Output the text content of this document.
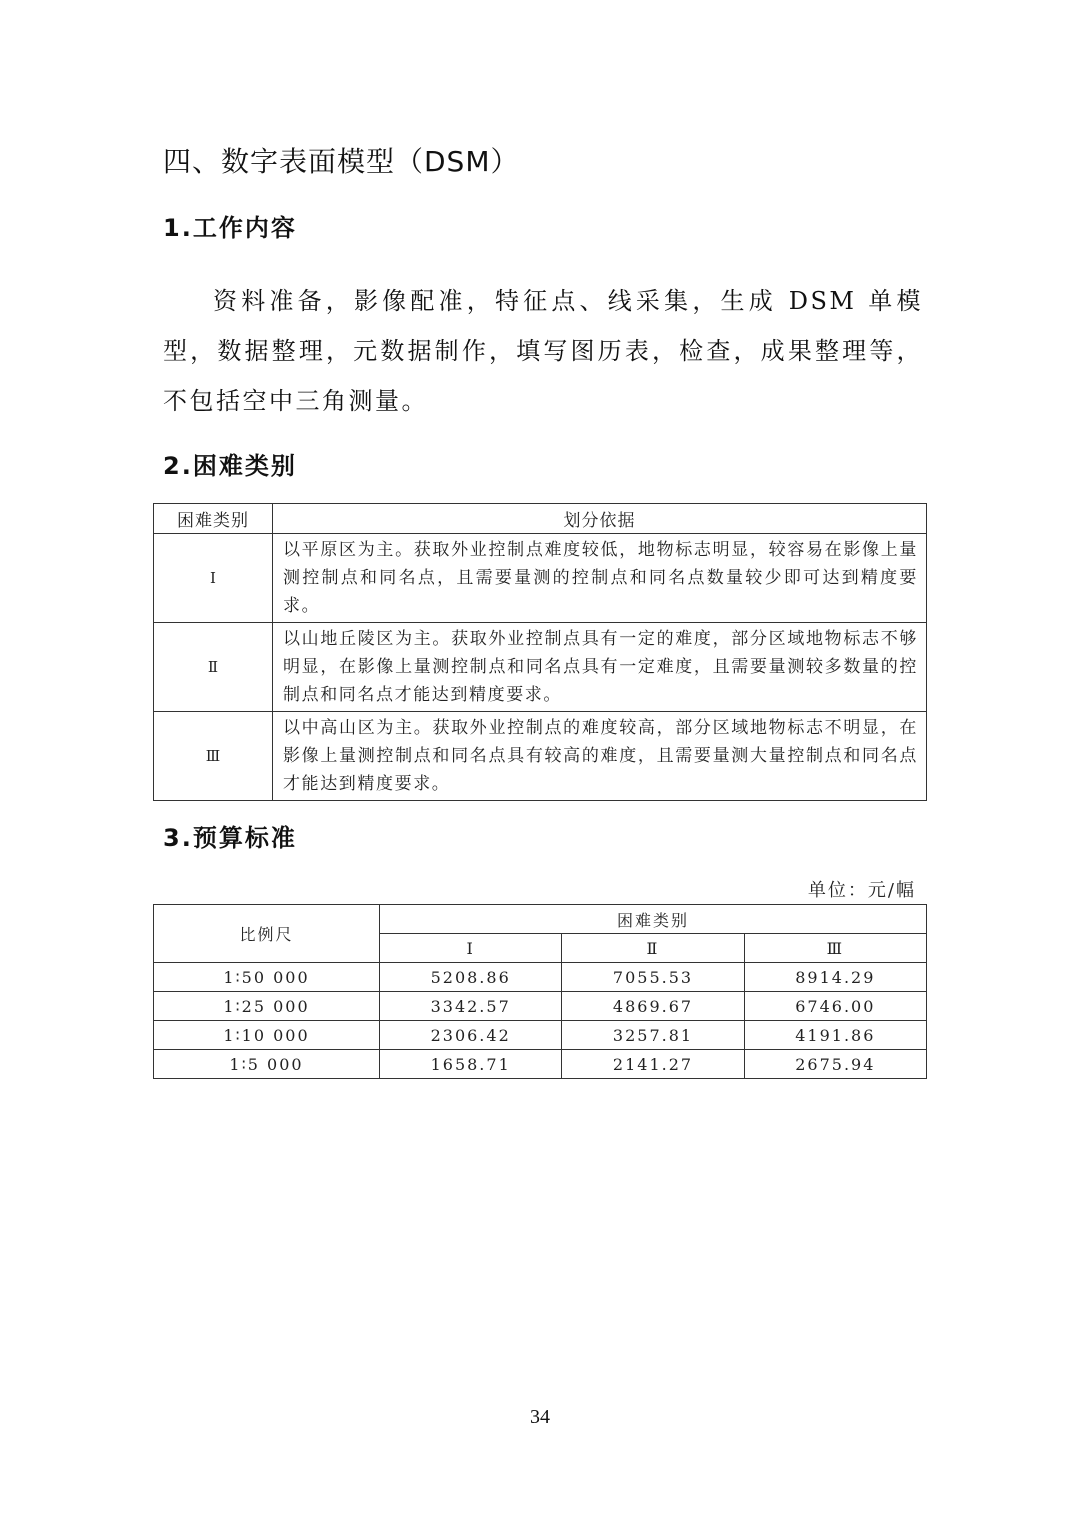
四、数字表面模型（DSM）
1.工作内容

资料准备，影像配准，特征点、线采集，生成 DSM 单模型，数据整理，元数据制作，填写图历表，检查，成果整理等，不包括空中三角测量。

2.困难类别
困难类别	划分依据
Ⅰ	以平原区为主。获取外业控制点难度较低，地物标志明显，较容易在影像上量测控制点和同名点，且需要量测的控制点和同名点数量较少即可达到精度要求。
Ⅱ	以山地丘陵区为主。获取外业控制点具有一定的难度，部分区域地物标志不够明显，在影像上量测控制点和同名点具有一定难度，且需要量测较多数量的控制点和同名点才能达到精度要求。
Ⅲ	以中高山区为主。获取外业控制点的难度较高，部分区域地物标志不明显，在影像上量测控制点和同名点具有较高的难度，且需要量测大量控制点和同名点才能达到精度要求。
3.预算标准
单位：元/幅
比例尺	困难类别		
	Ⅰ	Ⅱ	Ⅲ
1∶50 000	5208.86	7055.53	8914.29
1∶25 000	3342.57	4869.67	6746.00
1∶10 000	2306.42	3257.81	4191.86
1∶5 000	1658.71	2141.27	2675.94
34
